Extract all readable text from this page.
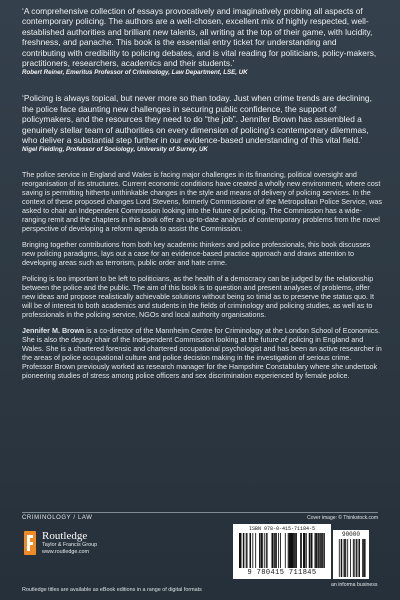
‘A comprehensive collection of essays provocatively and imaginatively probing all aspects of contemporary policing. The authors are a well-chosen, excellent mix of highly respected, well-established authorities and brilliant new talents, all writing at the top of their game, with lucidity, freshness, and panache. This book is the essential entry ticket for understanding and contributing with credibility to policing debates, and is vital reading for politicians, policy-makers, practitioners, researchers, academics and their students.’

Robert Reiner, Emeritus Professor of Criminology, Law Department, LSE, UK

‘Policing is always topical, but never more so than today. Just when crime trends are declining, the police face daunting new challenges in securing public confidence, the support of policymakers, and the resources they need to do “the job”. Jennifer Brown has assembled a genuinely stellar team of authorities on every dimension of policing’s contemporary dilemmas, who deliver a substantial step further in our evidence-based understanding of this vital field.’

Nigel Fielding, Professor of Sociology, University of Surrey, UK

The police service in England and Wales is facing major challenges in its financing, political oversight and reorganisation of its structures. Current economic conditions have created a wholly new environment, where cost saving is permitting hitherto unthinkable changes in the style and means of delivery of policing services. In the context of these proposed changes Lord Stevens, formerly Commissioner of the Metropolitan Police Service, was asked to chair an Independent Commission looking into the future of policing. The Commission has a wide-ranging remit and the chapters in this book offer an up-to-date analysis of contemporary problems from the novel perspective of developing a reform agenda to assist the Commission.

Bringing together contributions from both key academic thinkers and police professionals, this book discusses new policing paradigms, lays out a case for an evidence-based practice approach and draws attention to developing areas such as terrorism, public order and hate crime.

Policing is too important to be left to politicians, as the health of a democracy can be judged by the relationship between the police and the public. The aim of this book is to question and present analyses of problems, offer new ideas and propose realistically achievable solutions without being so timid as to preserve the status quo. It will be of interest to both academics and students in the fields of criminology and policing studies, as well as to professionals in the policing service, NGOs and local authority organisations.

Jennifer M. Brown is a co-director of the Mannheim Centre for Criminology at the London School of Economics. She is also the deputy chair of the Independent Commission looking at the future of policing in England and Wales. She is a chartered forensic and chartered occupational psychologist and has been an active researcher in the areas of police occupational culture and police decision making in the investigation of serious crime. Professor Brown previously worked as research manager for the Hampshire Constabulary where she undertook pioneering studies of stress among police officers and sex discrimination experienced by female police.

CRIMINOLOGY / LAW	Cover image: © Thinkstock.com
Routledge
Taylor & Francis Group
www.routledge.com
ISBN 978-0-415-71184-5
9 780415 711845
90000
an informa business
Routledge titles are available as eBook editions in a range of digital formats
